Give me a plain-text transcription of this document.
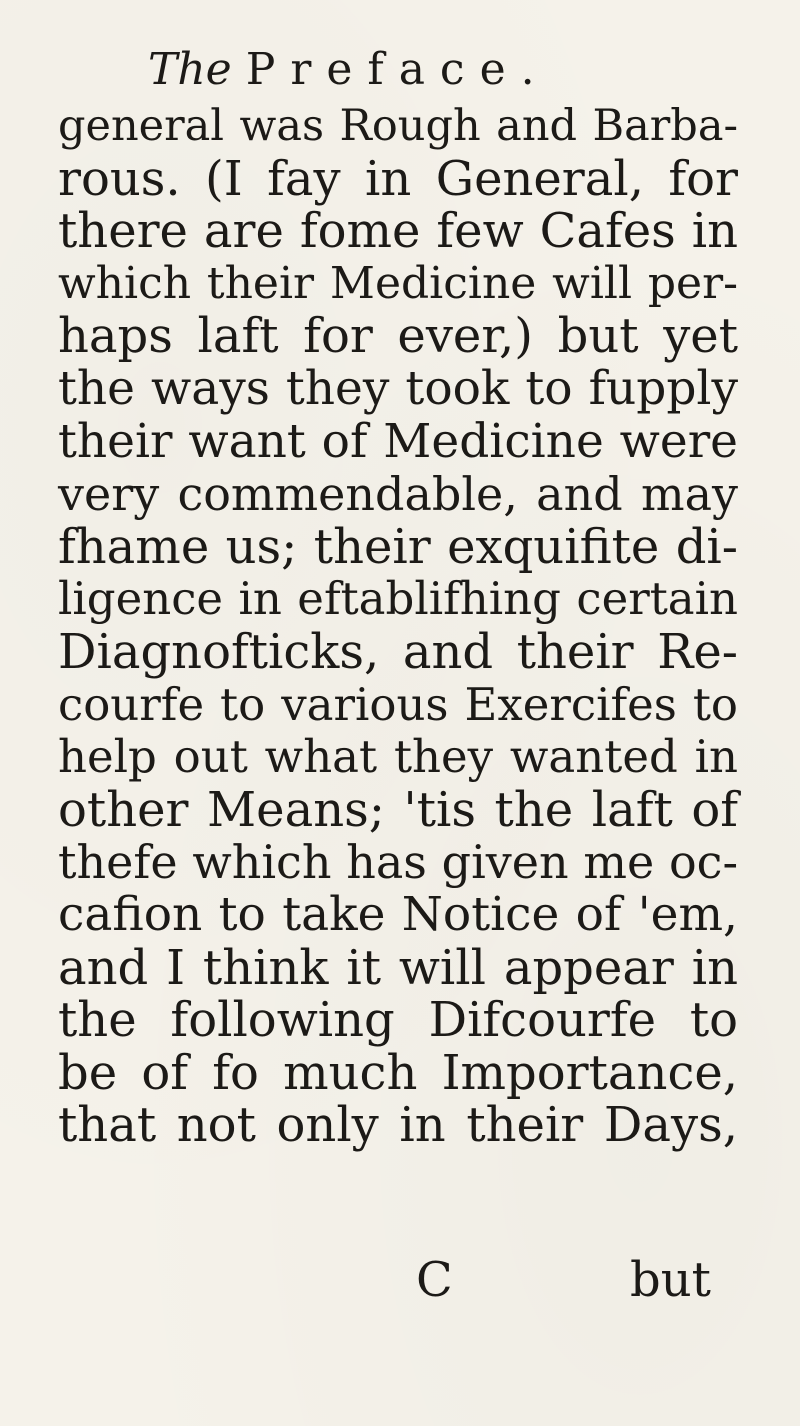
The Preface.
general was Rough and Barba-
rous. (I fay in General, for
there are fome few Cafes in
which their Medicine will per-
haps laft for ever,) but yet
the ways they took to fupply
their want of Medicine were
very commendable, and may
fhame us; their exquifite di-
ligence in eftablifhing certain
Diagnofticks, and their Re-
courfe to various Exercifes to
help out what they wanted in
other Means; 'tis the laft of
thefe which has given me oc-
cafion to take Notice of 'em,
and I think it will appear in
the following Difcourfe to
be of fo much Importance,
that not only in their Days,
C	but
